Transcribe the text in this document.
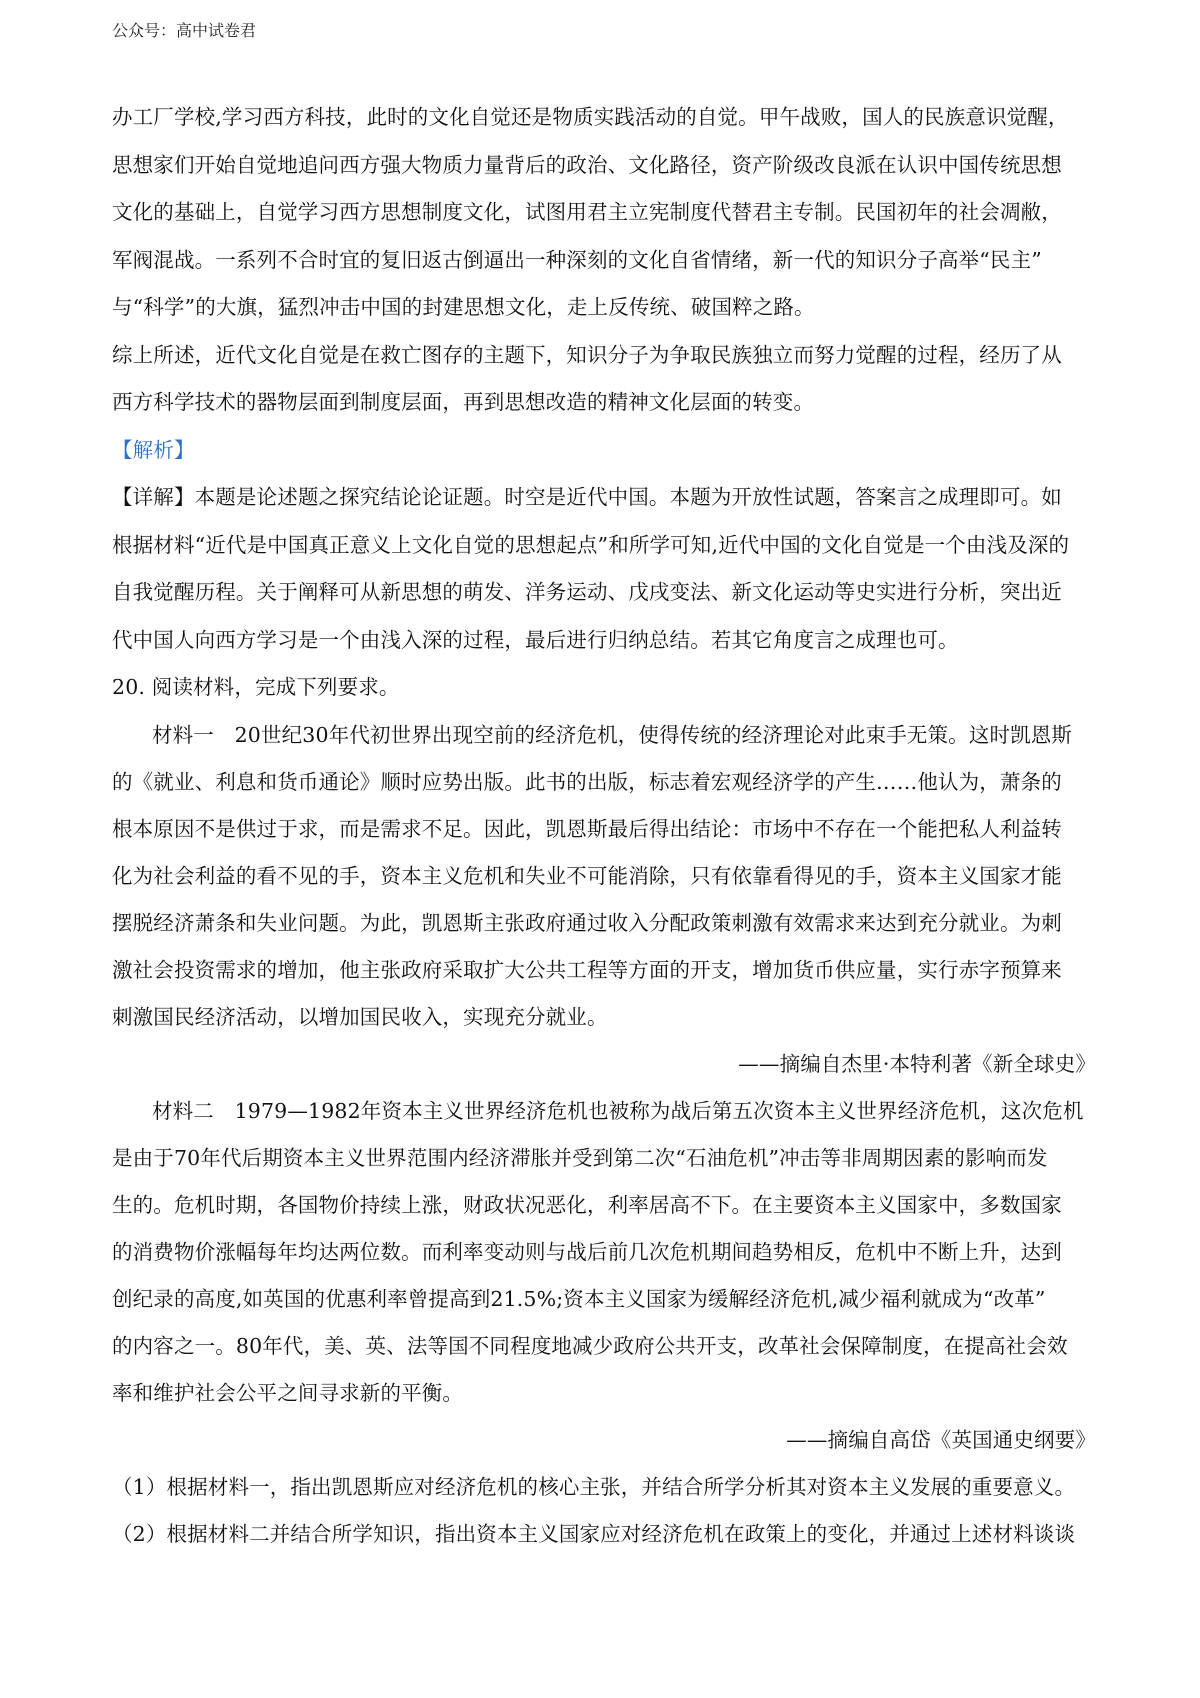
公众号：高中试卷君
办工厂学校,学习西方科技，此时的文化自觉还是物质实践活动的自觉。甲午战败，国人的民族意识觉醒，
思想家们开始自觉地追问西方强大物质力量背后的政治、文化路径，资产阶级改良派在认识中国传统思想
文化的基础上，自觉学习西方思想制度文化，试图用君主立宪制度代替君主专制。民国初年的社会凋敝，
军阀混战。一系列不合时宜的复旧返古倒逼出一种深刻的文化自省情绪，新一代的知识分子高举“民主”
与“科学”的大旗，猛烈冲击中国的封建思想文化，走上反传统、破国粹之路。
综上所述，近代文化自觉是在救亡图存的主题下，知识分子为争取民族独立而努力觉醒的过程，经历了从
西方科学技术的器物层面到制度层面，再到思想改造的精神文化层面的转变。
【解析】
【详解】本题是论述题之探究结论论证题。时空是近代中国。本题为开放性试题，答案言之成理即可。如
根据材料“近代是中国真正意义上文化自觉的思想起点”和所学可知,近代中国的文化自觉是一个由浅及深的
自我觉醒历程。关于阐释可从新思想的萌发、洋务运动、戊戌变法、新文化运动等史实进行分析，突出近
代中国人向西方学习是一个由浅入深的过程，最后进行归纳总结。若其它角度言之成理也可。
20. 阅读材料，完成下列要求。
材料一　20世纪30年代初世界出现空前的经济危机，使得传统的经济理论对此束手无策。这时凯恩斯
的《就业、利息和货币通论》顺时应势出版。此书的出版，标志着宏观经济学的产生……他认为，萧条的
根本原因不是供过于求，而是需求不足。因此，凯恩斯最后得出结论：市场中不存在一个能把私人利益转
化为社会利益的看不见的手，资本主义危机和失业不可能消除，只有依靠看得见的手，资本主义国家才能
摆脱经济萧条和失业问题。为此，凯恩斯主张政府通过收入分配政策刺激有效需求来达到充分就业。为刺
激社会投资需求的增加，他主张政府采取扩大公共工程等方面的开支，增加货币供应量，实行赤字预算来
刺激国民经济活动，以增加国民收入，实现充分就业。
——摘编自杰里·本特利著《新全球史》
材料二　1979—1982年资本主义世界经济危机也被称为战后第五次资本主义世界经济危机，这次危机
是由于70年代后期资本主义世界范围内经济滞胀并受到第二次“石油危机”冲击等非周期因素的影响而发
生的。危机时期，各国物价持续上涨，财政状况恶化，利率居高不下。在主要资本主义国家中，多数国家
的消费物价涨幅每年均达两位数。而利率变动则与战后前几次危机期间趋势相反，危机中不断上升，达到
创纪录的高度,如英国的优惠利率曾提高到21.5%;资本主义国家为缓解经济危机,减少福利就成为“改革”
的内容之一。80年代，美、英、法等国不同程度地减少政府公共开支，改革社会保障制度，在提高社会效
率和维护社会公平之间寻求新的平衡。
——摘编自高岱《英国通史纲要》
（1）根据材料一，指出凯恩斯应对经济危机的核心主张，并结合所学分析其对资本主义发展的重要意义。
（2）根据材料二并结合所学知识，指出资本主义国家应对经济危机在政策上的变化，并通过上述材料谈谈
